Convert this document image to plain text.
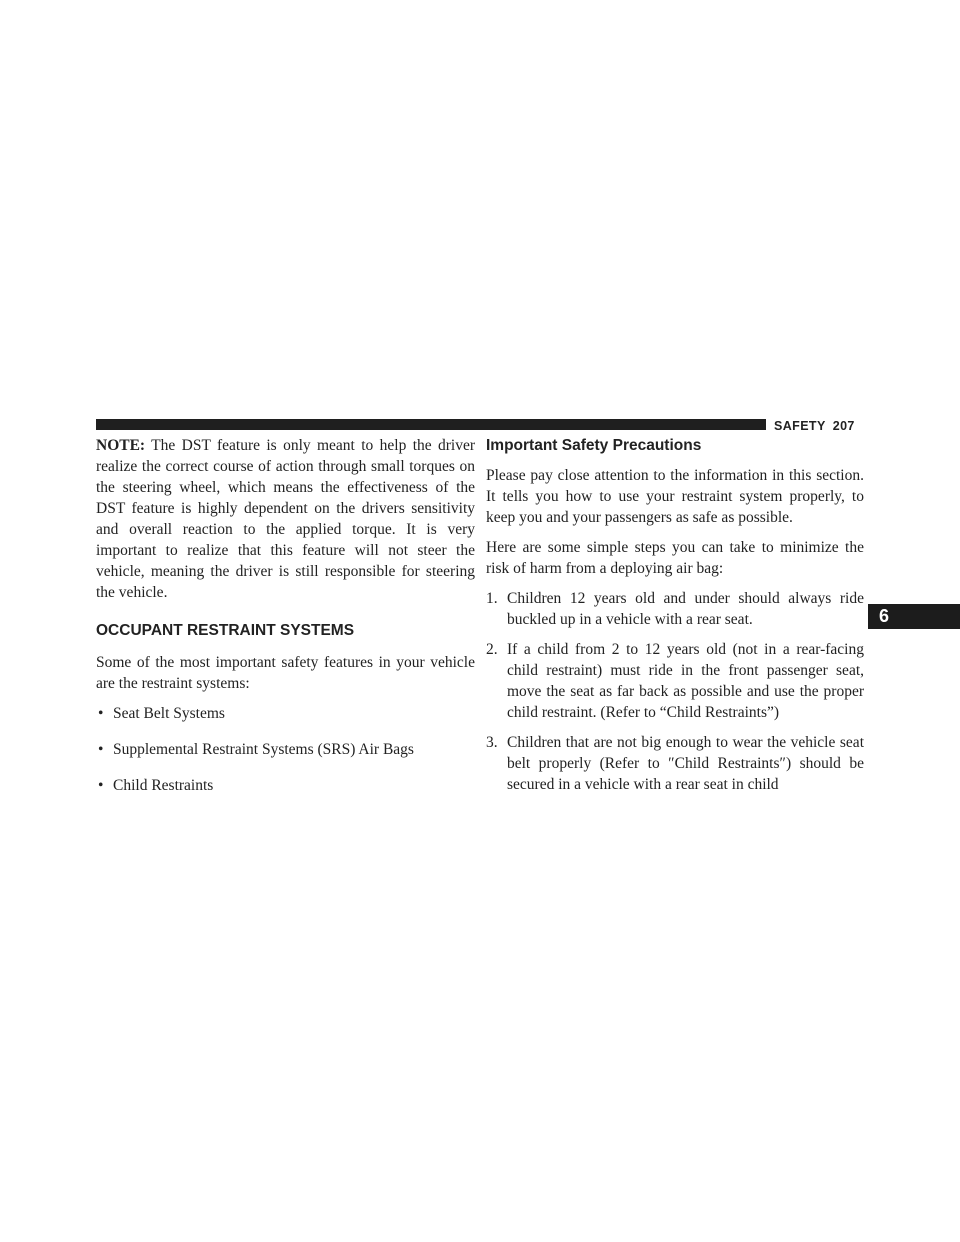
SAFETY 207
6

NOTE: The DST feature is only meant to help the driver realize the correct course of action through small torques on the steering wheel, which means the effectiveness of the DST feature is highly dependent on the drivers sensitivity and overall reaction to the applied torque. It is very important to realize that this feature will not steer the vehicle, meaning the driver is still responsible for steering the vehicle.

OCCUPANT RESTRAINT SYSTEMS

Some of the most important safety features in your vehicle are the restraint systems:

• Seat Belt Systems
• Supplemental Restraint Systems (SRS) Air Bags
• Child Restraints
Important Safety Precautions

Please pay close attention to the information in this section. It tells you how to use your restraint system properly, to keep you and your passengers as safe as possible.

Here are some simple steps you can take to minimize the risk of harm from a deploying air bag:

1. Children 12 years old and under should always ride buckled up in a vehicle with a rear seat.
2. If a child from 2 to 12 years old (not in a rear-facing child restraint) must ride in the front passenger seat, move the seat as far back as possible and use the proper child restraint. (Refer to “Child Restraints”)
3. Children that are not big enough to wear the vehicle seat belt properly (Refer to ″Child Restraints″) should be secured in a vehicle with a rear seat in child
